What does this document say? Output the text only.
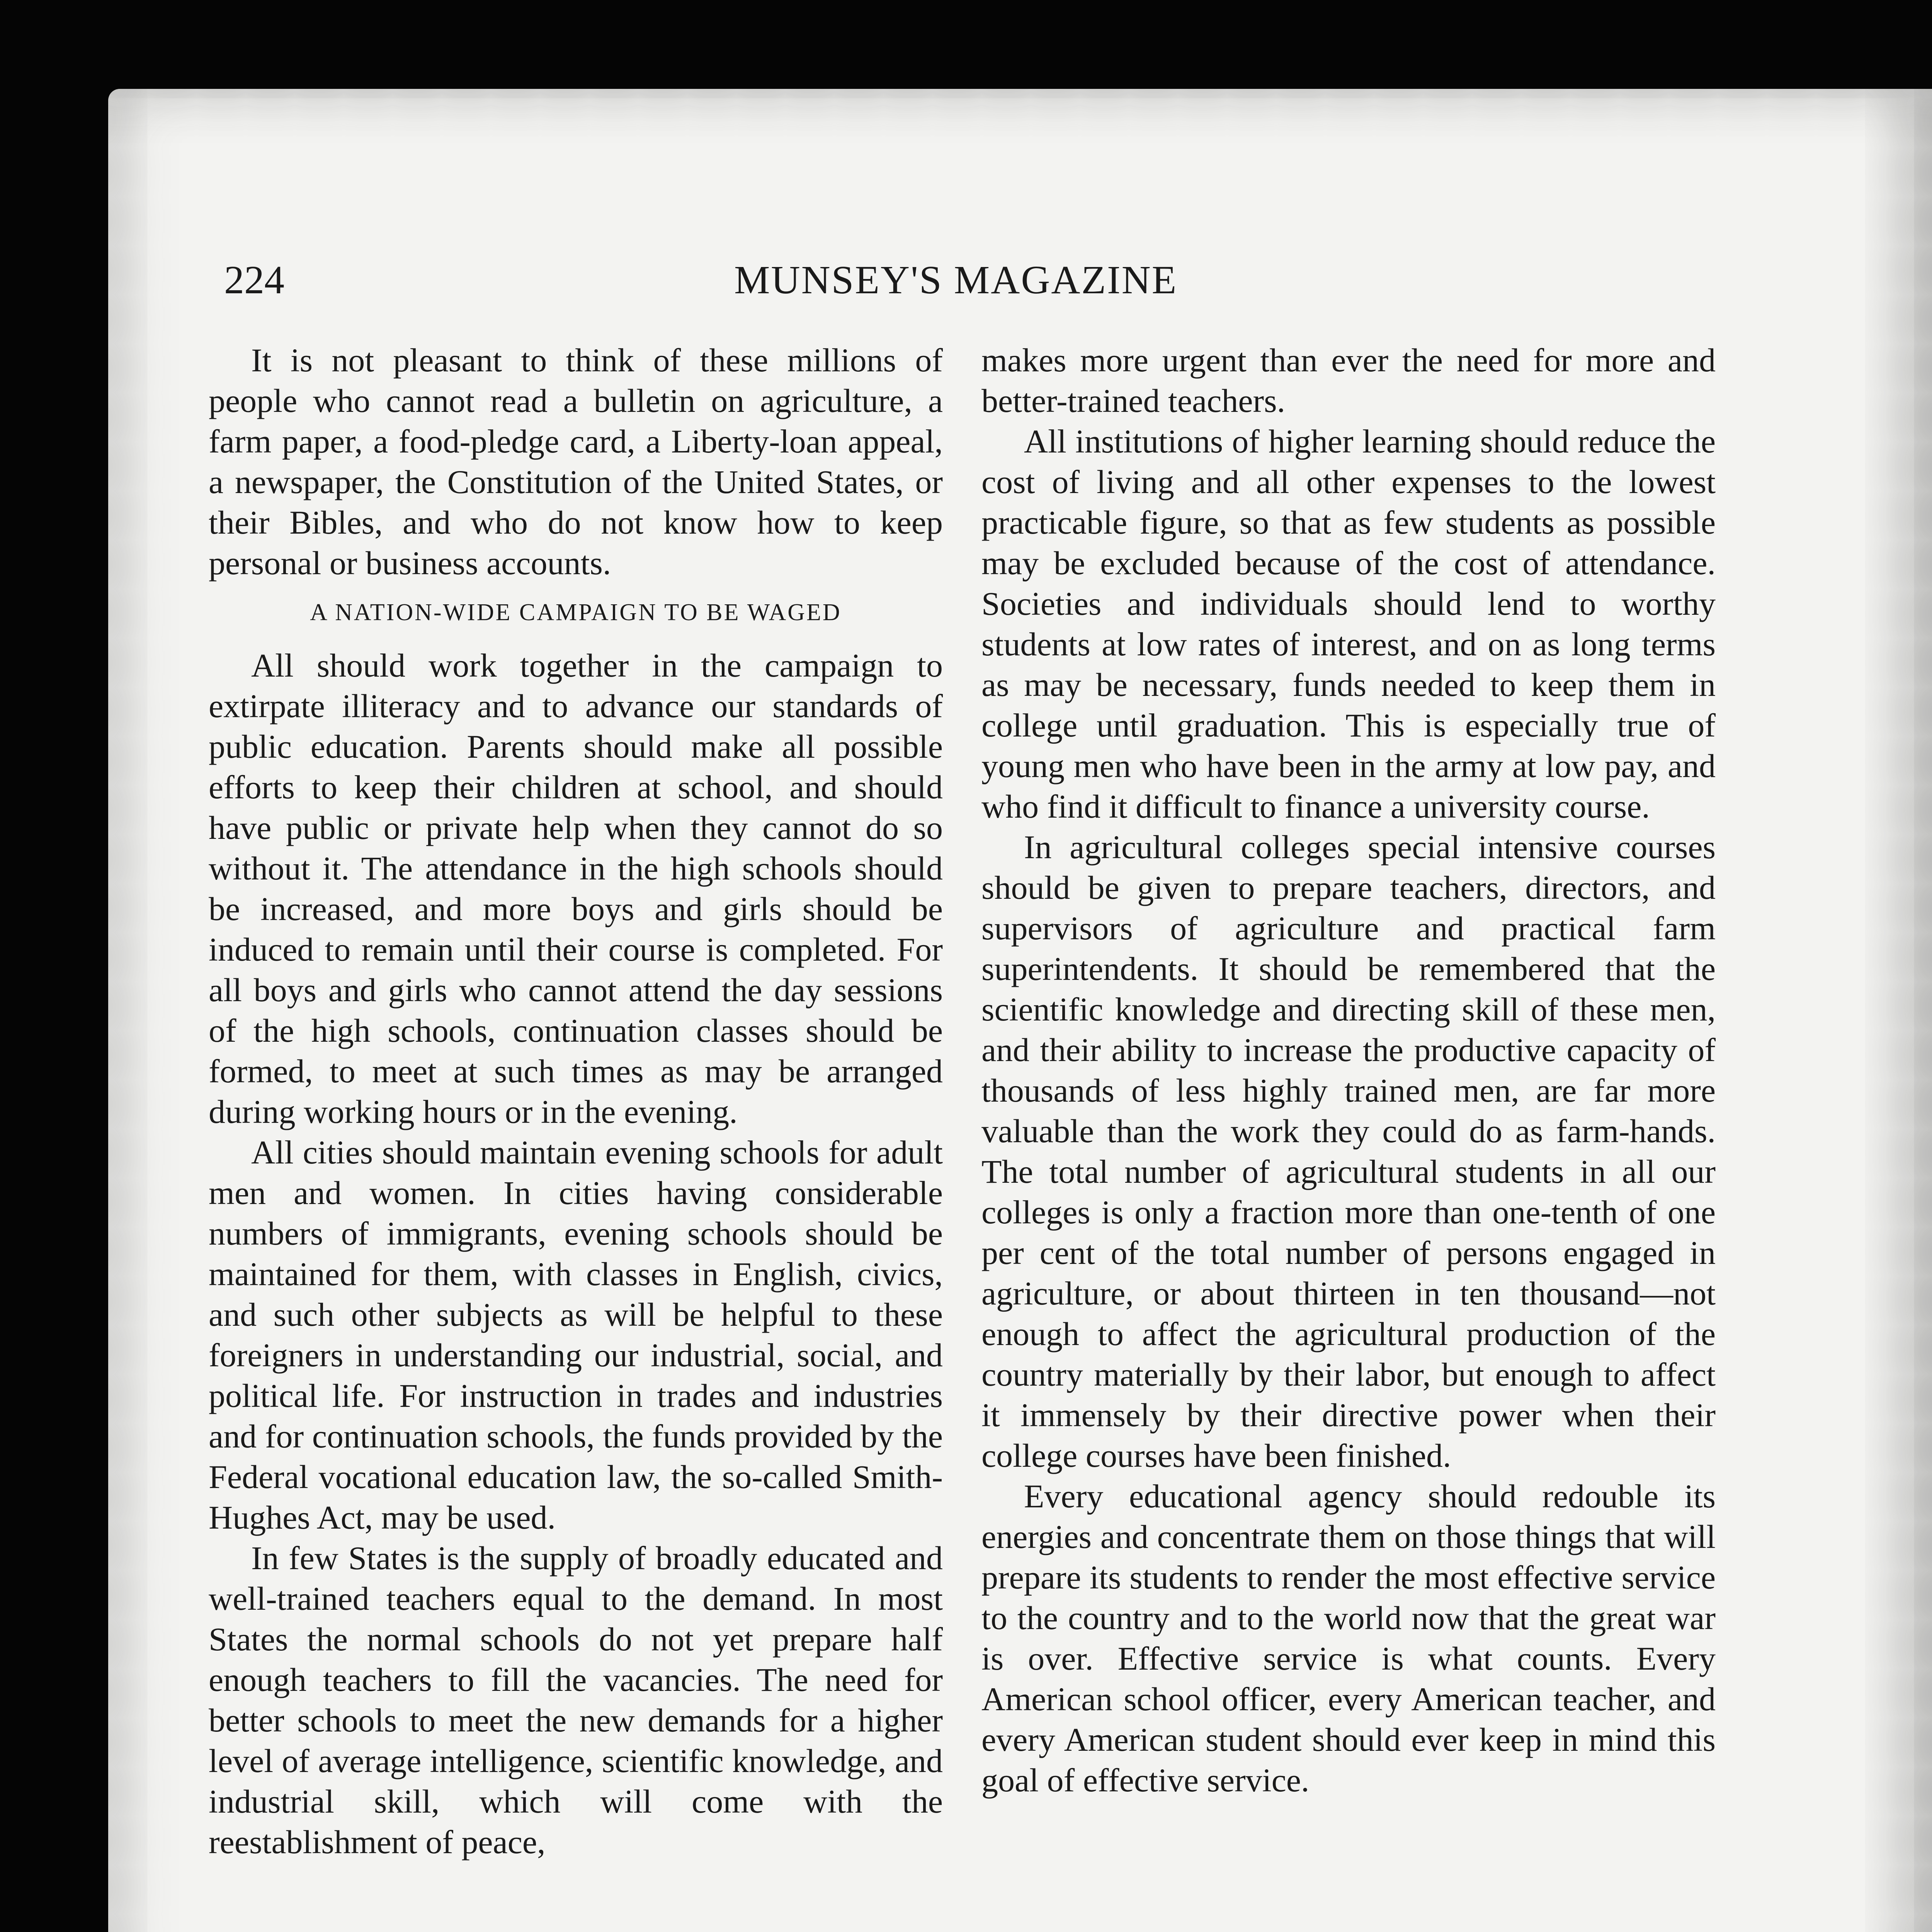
224	MUNSEY'S MAGAZINE

It is not pleasant to think of these millions of people who cannot read a bulletin on agriculture, a farm paper, a food-pledge card, a Liberty-loan appeal, a newspaper, the Constitution of the United States, or their Bibles, and who do not know how to keep personal or business accounts.

A NATION-WIDE CAMPAIGN TO BE WAGED

All should work together in the campaign to extirpate illiteracy and to advance our standards of public education. Parents should make all possible efforts to keep their children at school, and should have public or private help when they cannot do so without it. The attendance in the high schools should be increased, and more boys and girls should be induced to remain until their course is completed. For all boys and girls who cannot attend the day sessions of the high schools, continuation classes should be formed, to meet at such times as may be arranged during working hours or in the evening.

All cities should maintain evening schools for adult men and women. In cities having considerable numbers of immigrants, evening schools should be maintained for them, with classes in English, civics, and such other subjects as will be helpful to these foreigners in understanding our industrial, social, and political life. For instruction in trades and industries and for continuation schools, the funds provided by the Federal vocational education law, the so-called Smith-Hughes Act, may be used.

In few States is the supply of broadly educated and well-trained teachers equal to the demand. In most States the normal schools do not yet prepare half enough teachers to fill the vacancies. The need for better schools to meet the new demands for a higher level of average intelligence, scientific knowledge, and industrial skill, which will come with the reestablishment of peace,

makes more urgent than ever the need for more and better-trained teachers.

All institutions of higher learning should reduce the cost of living and all other expenses to the lowest practicable figure, so that as few students as possible may be excluded because of the cost of attendance. Societies and individuals should lend to worthy students at low rates of interest, and on as long terms as may be necessary, funds needed to keep them in college until graduation. This is especially true of young men who have been in the army at low pay, and who find it difficult to finance a university course.

In agricultural colleges special intensive courses should be given to prepare teachers, directors, and supervisors of agriculture and practical farm superintendents. It should be remembered that the scientific knowledge and directing skill of these men, and their ability to increase the productive capacity of thousands of less highly trained men, are far more valuable than the work they could do as farm-hands. The total number of agricultural students in all our colleges is only a fraction more than one-tenth of one per cent of the total number of persons engaged in agriculture, or about thirteen in ten thousand—not enough to affect the agricultural production of the country materially by their labor, but enough to affect it immensely by their directive power when their college courses have been finished.

Every educational agency should redouble its energies and concentrate them on those things that will prepare its students to render the most effective service to the country and to the world now that the great war is over. Effective service is what counts. Every American school officer, every American teacher, and every American student should ever keep in mind this goal of effective service.
